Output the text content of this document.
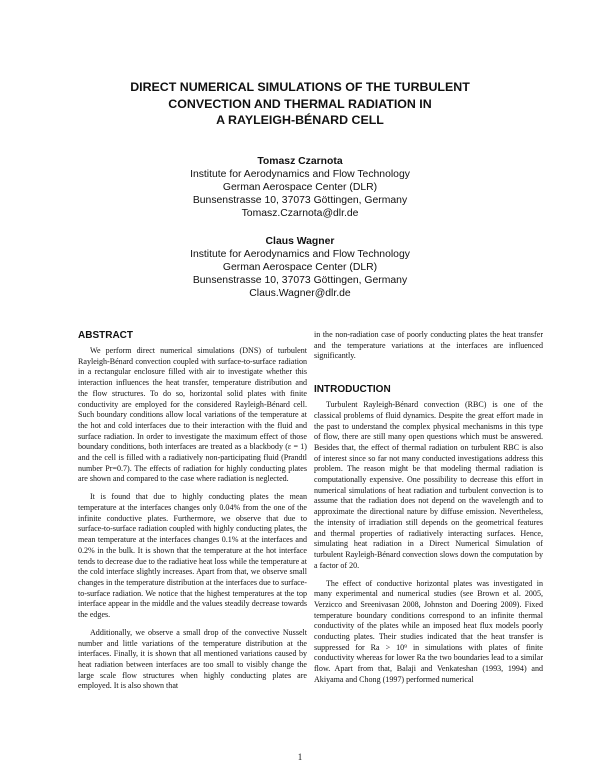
DIRECT NUMERICAL SIMULATIONS OF THE TURBULENT
CONVECTION AND THERMAL RADIATION IN
A RAYLEIGH-BÉNARD CELL
Tomasz Czarnota
Institute for Aerodynamics and Flow Technology
German Aerospace Center (DLR)
Bunsenstrasse 10, 37073 Göttingen, Germany
Tomasz.Czarnota@dlr.de
Claus Wagner
Institute for Aerodynamics and Flow Technology
German Aerospace Center (DLR)
Bunsenstrasse 10, 37073 Göttingen, Germany
Claus.Wagner@dlr.de
ABSTRACT

We perform direct numerical simulations (DNS) of turbulent Rayleigh-Bénard convection coupled with surface-to-surface radiation in a rectangular enclosure filled with air to investigate whether this interaction influences the heat transfer, temperature distribution and the flow structures. To do so, horizontal solid plates with finite conductivity are employed for the considered Rayleigh-Bénard cell. Such boundary conditions allow local variations of the temperature at the hot and cold interfaces due to their interaction with the fluid and surface radiation. In order to investigate the maximum effect of those boundary conditions, both interfaces are treated as a blackbody (ε = 1) and the cell is filled with a radiatively non-participating fluid (Prandtl number Pr=0.7). The effects of radiation for highly conducting plates are shown and compared to the case where radiation is neglected.

It is found that due to highly conducting plates the mean temperature at the interfaces changes only 0.04% from the one of the infinite conductive plates. Furthermore, we observe that due to surface-to-surface radiation coupled with highly conducting plates, the mean temperature at the interfaces changes 0.1% at the interfaces and 0.2% in the bulk. It is shown that the temperature at the hot interface tends to decrease due to the radiative heat loss while the temperature at the cold interface slightly increases. Apart from that, we observe small changes in the temperature distribution at the interfaces due to surface-to-surface radiation. We notice that the highest temperatures at the top interface appear in the middle and the values steadily decrease towards the edges.

Additionally, we observe a small drop of the convective Nusselt number and little variations of the temperature distribution at the interfaces. Finally, it is shown that all mentioned variations caused by heat radiation between interfaces are too small to visibly change the large scale flow structures when highly conducting plates are employed. It is also shown that

in the non-radiation case of poorly conducting plates the heat transfer and the temperature variations at the interfaces are influenced significantly.

INTRODUCTION

Turbulent Rayleigh-Bénard convection (RBC) is one of the classical problems of fluid dynamics. Despite the great effort made in the past to understand the complex physical mechanisms in this type of flow, there are still many open questions which must be answered. Besides that, the effect of thermal radiation on turbulent RBC is also of interest since so far not many conducted investigations address this problem. The reason might be that modeling thermal radiation is computationally expensive. One possibility to decrease this effort in numerical simulations of heat radiation and turbulent convection is to assume that the radiation does not depend on the wavelength and to approximate the directional nature by diffuse emission. Nevertheless, the intensity of irradiation still depends on the geometrical features and thermal properties of radiatively interacting surfaces. Hence, simulating heat radiation in a Direct Numerical Simulation of turbulent Rayleigh-Bénard convection slows down the computation by a factor of 20.

The effect of conductive horizontal plates was investigated in many experimental and numerical studies (see Brown et al. 2005, Verzicco and Sreenivasan 2008, Johnston and Doering 2009). Fixed temperature boundary conditions correspond to an infinite thermal conductivity of the plates while an imposed heat flux models poorly conducting plates. Their studies indicated that the heat transfer is suppressed for Ra > 10⁹ in simulations with plates of finite conductivity whereas for lower Ra the two boundaries lead to a similar flow. Apart from that, Balaji and Venkateshan (1993, 1994) and Akiyama and Chong (1997) performed numerical

1
